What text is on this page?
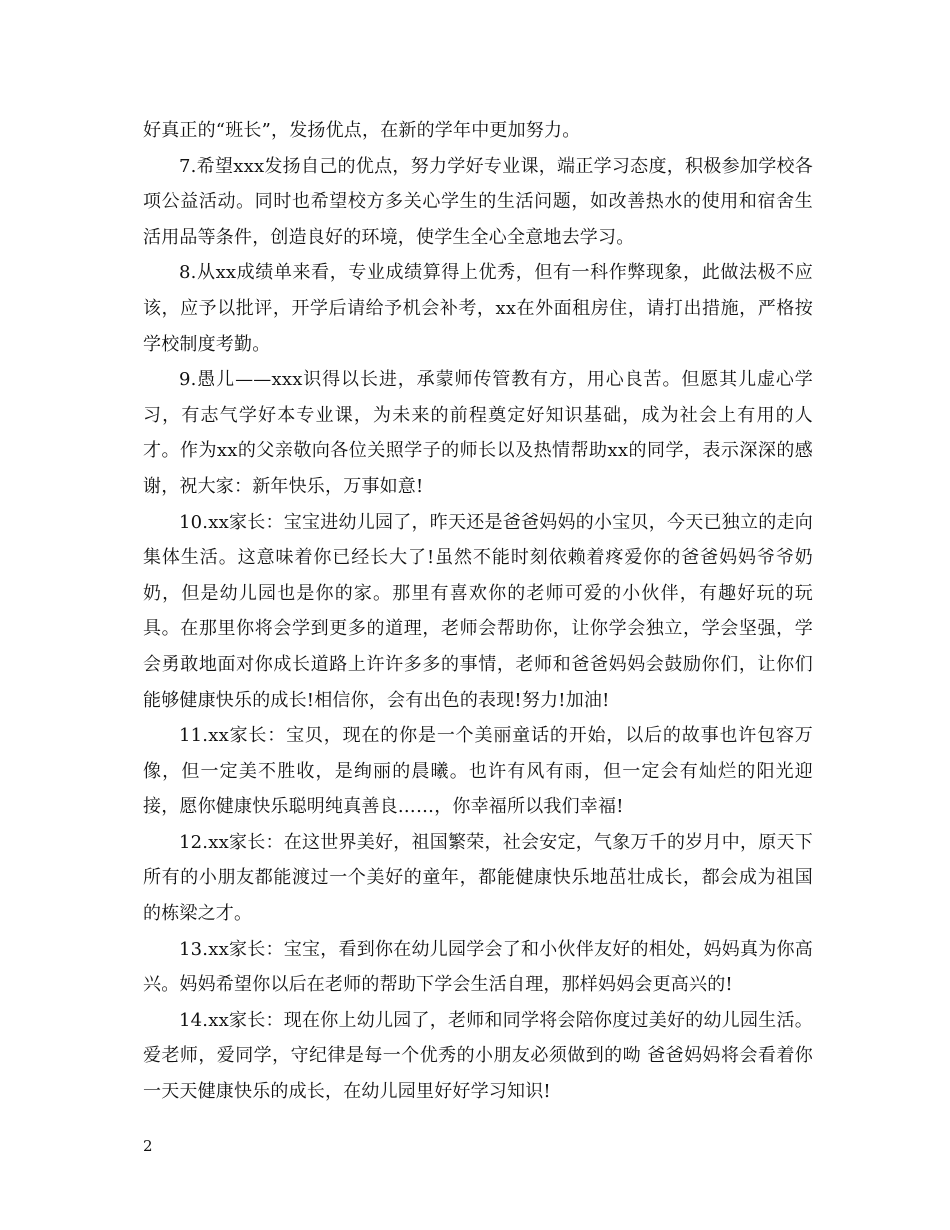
好真正的“班长”，发扬优点，在新的学年中更加努力。

7.希望xxx发扬自己的优点，努力学好专业课，端正学习态度，积极参加学校各项公益活动。同时也希望校方多关心学生的生活问题，如改善热水的使用和宿舍生活用品等条件，创造良好的环境，使学生全心全意地去学习。

8.从xx成绩单来看，专业成绩算得上优秀，但有一科作弊现象，此做法极不应该，应予以批评，开学后请给予机会补考，xx在外面租房住，请打出措施，严格按学校制度考勤。

9.愚儿——xxx识得以长进，承蒙师传管教有方，用心良苦。但愿其儿虚心学习，有志气学好本专业课，为未来的前程奠定好知识基础，成为社会上有用的人才。作为xx的父亲敬向各位关照学子的师长以及热情帮助xx的同学，表示深深的感谢，祝大家：新年快乐，万事如意!

10.xx家长：宝宝进幼儿园了，昨天还是爸爸妈妈的小宝贝，今天已独立的走向集体生活。这意味着你已经长大了!虽然不能时刻依赖着疼爱你的爸爸妈妈爷爷奶奶，但是幼儿园也是你的家。那里有喜欢你的老师可爱的小伙伴，有趣好玩的玩具。在那里你将会学到更多的道理，老师会帮助你，让你学会独立，学会坚强，学会勇敢地面对你成长道路上许许多多的事情，老师和爸爸妈妈会鼓励你们，让你们能够健康快乐的成长!相信你，会有出色的表现!努力!加油!

11.xx家长：宝贝，现在的你是一个美丽童话的开始，以后的故事也许包容万像，但一定美不胜收，是绚丽的晨曦。也许有风有雨，但一定会有灿烂的阳光迎接，愿你健康快乐聪明纯真善良……，你幸福所以我们幸福!

12.xx家长：在这世界美好，祖国繁荣，社会安定，气象万千的岁月中，原天下所有的小朋友都能渡过一个美好的童年，都能健康快乐地茁壮成长，都会成为祖国的栋梁之才。

13.xx家长：宝宝，看到你在幼儿园学会了和小伙伴友好的相处，妈妈真为你高兴。妈妈希望你以后在老师的帮助下学会生活自理，那样妈妈会更高兴的!

14.xx家长：现在你上幼儿园了，老师和同学将会陪你度过美好的幼儿园生活。爱老师，爱同学，守纪律是每一个优秀的小朋友必须做到的呦 爸爸妈妈将会看着你一天天健康快乐的成长，在幼儿园里好好学习知识!

2
